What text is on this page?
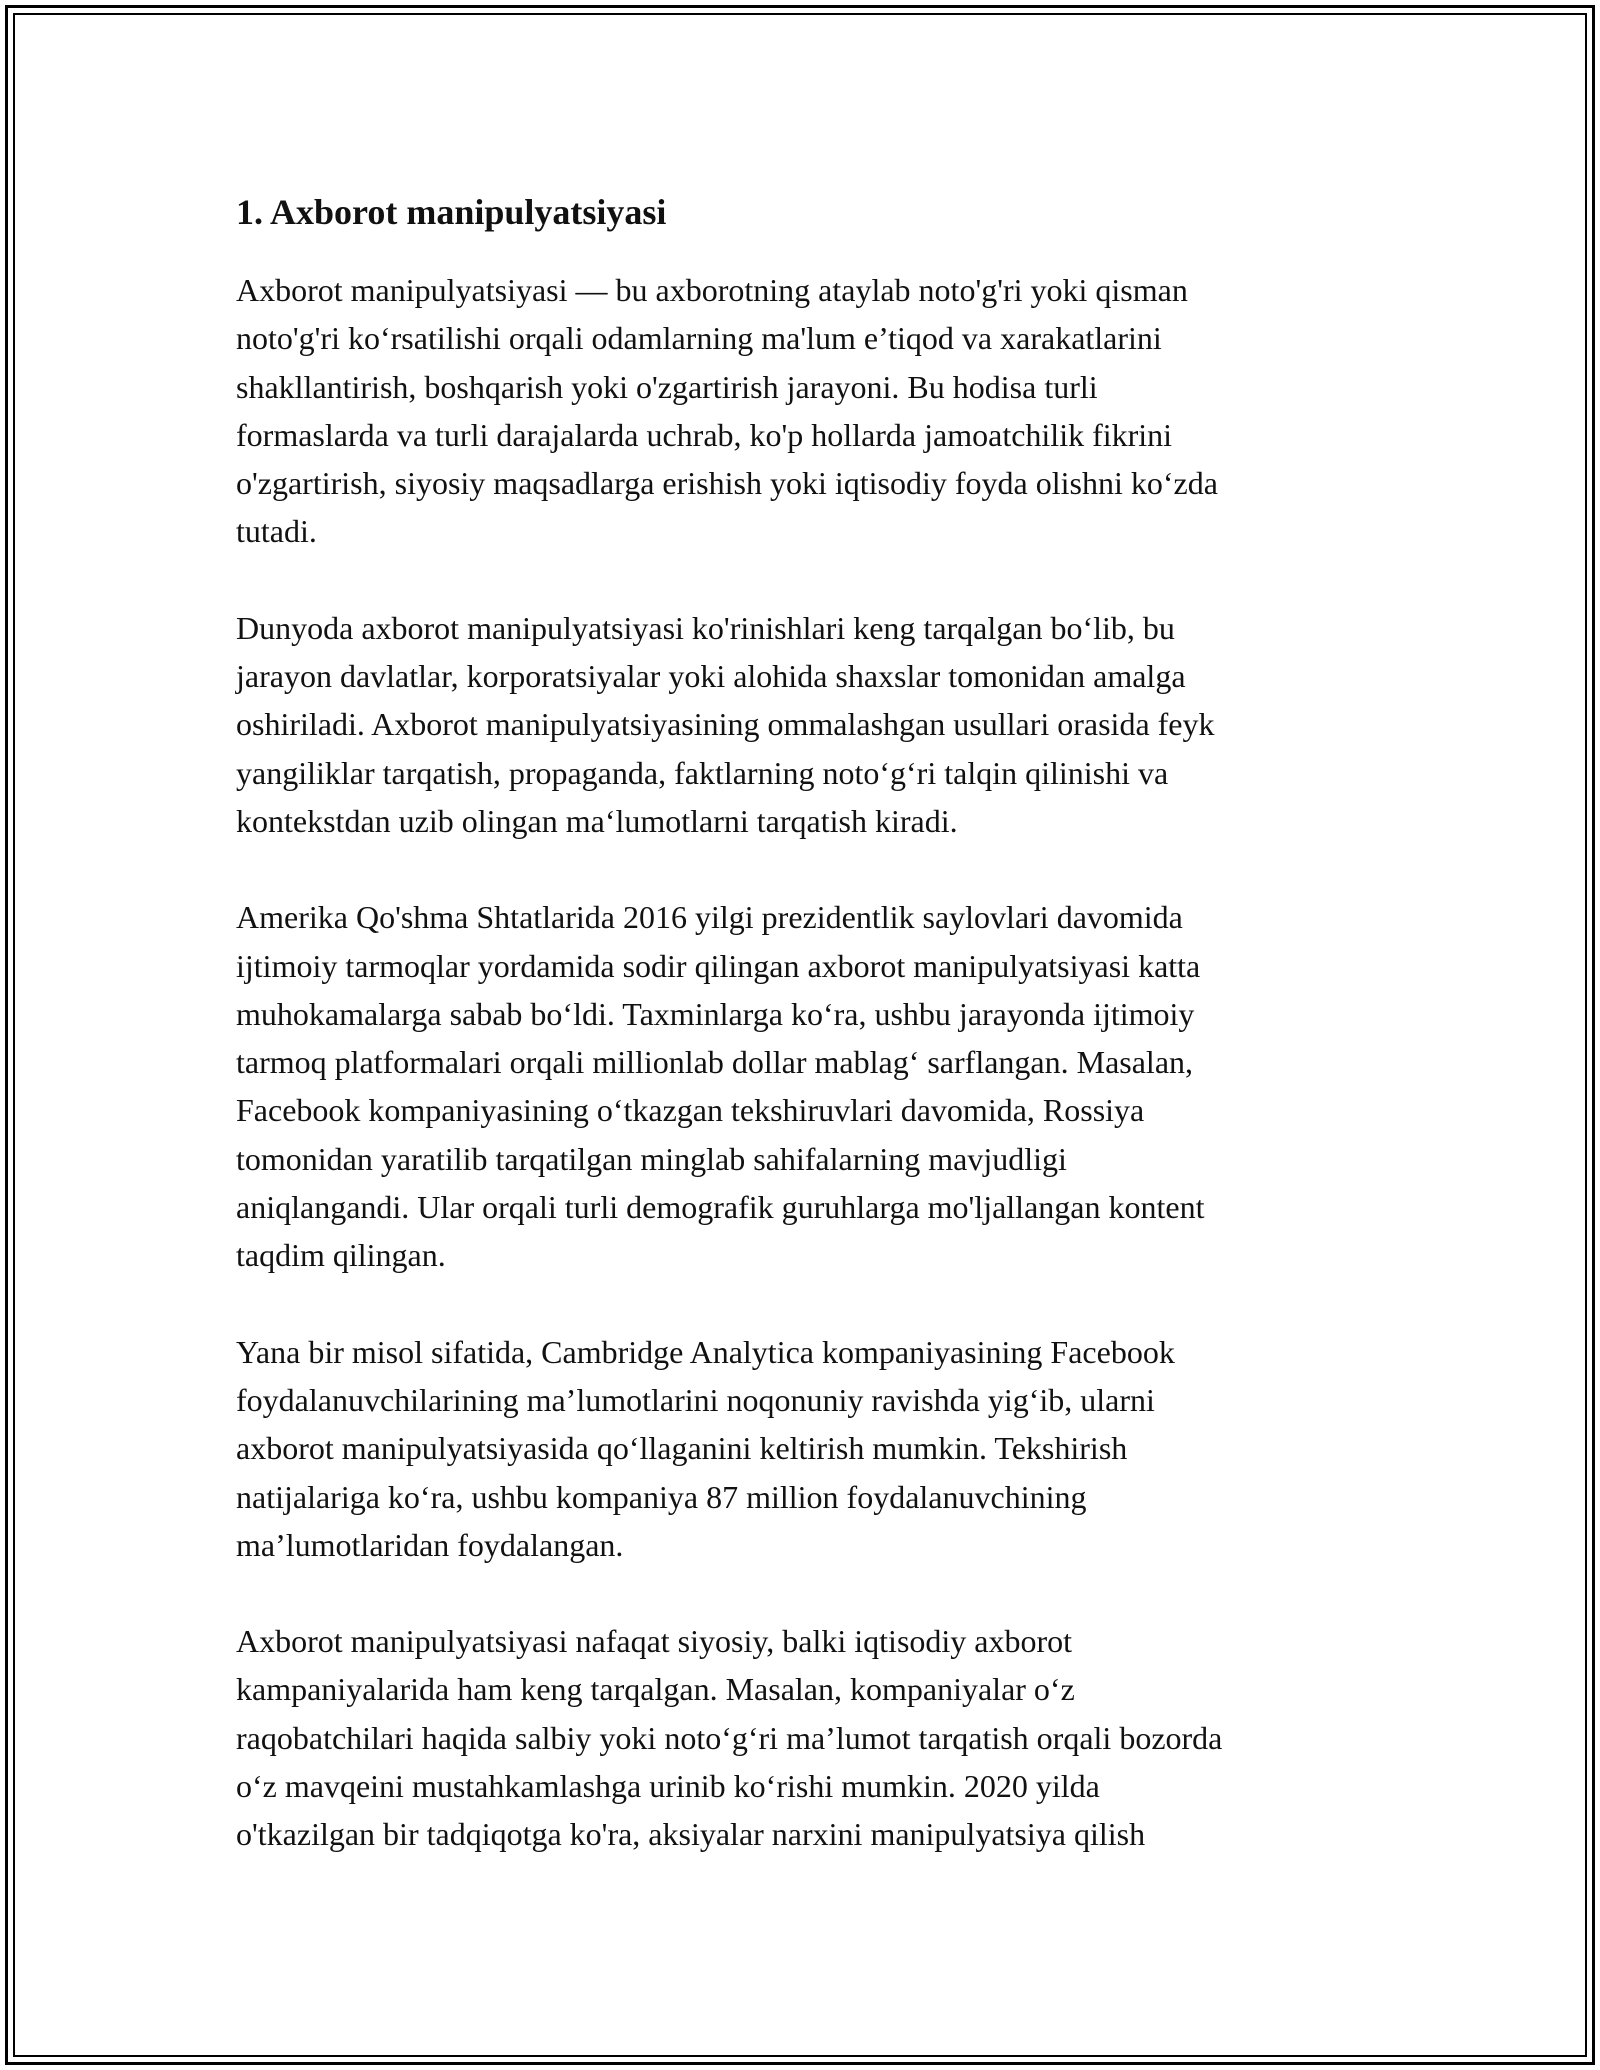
1. Axborot manipulyatsiyasi

Axborot manipulyatsiyasi — bu axborotning ataylab noto'g'ri yoki qisman
noto'g'ri ko‘rsatilishi orqali odamlarning ma'lum e’tiqod va xarakatlarini
shakllantirish, boshqarish yoki o'zgartirish jarayoni. Bu hodisa turli
formaslarda va turli darajalarda uchrab, ko'p hollarda jamoatchilik fikrini
o'zgartirish, siyosiy maqsadlarga erishish yoki iqtisodiy foyda olishni ko‘zda
tutadi.

Dunyoda axborot manipulyatsiyasi ko'rinishlari keng tarqalgan bo‘lib, bu
jarayon davlatlar, korporatsiyalar yoki alohida shaxslar tomonidan amalga
oshiriladi. Axborot manipulyatsiyasining ommalashgan usullari orasida feyk
yangiliklar tarqatish, propaganda, faktlarning noto‘g‘ri talqin qilinishi va
kontekstdan uzib olingan ma‘lumotlarni tarqatish kiradi.

Amerika Qo'shma Shtatlarida 2016 yilgi prezidentlik saylovlari davomida
ijtimoiy tarmoqlar yordamida sodir qilingan axborot manipulyatsiyasi katta
muhokamalarga sabab bo‘ldi. Taxminlarga ko‘ra, ushbu jarayonda ijtimoiy
tarmoq platformalari orqali millionlab dollar mablag‘ sarflangan. Masalan,
Facebook kompaniyasining o‘tkazgan tekshiruvlari davomida, Rossiya
tomonidan yaratilib tarqatilgan minglab sahifalarning mavjudligi
aniqlangandi. Ular orqali turli demografik guruhlarga mo'ljallangan kontent
taqdim qilingan.

Yana bir misol sifatida, Cambridge Analytica kompaniyasining Facebook
foydalanuvchilarining ma’lumotlarini noqonuniy ravishda yig‘ib, ularni
axborot manipulyatsiyasida qo‘llaganini keltirish mumkin. Tekshirish
natijalariga ko‘ra, ushbu kompaniya 87 million foydalanuvchining
ma’lumotlaridan foydalangan.

Axborot manipulyatsiyasi nafaqat siyosiy, balki iqtisodiy axborot
kampaniyalarida ham keng tarqalgan. Masalan, kompaniyalar o‘z
raqobatchilari haqida salbiy yoki noto‘g‘ri ma’lumot tarqatish orqali bozorda
o‘z mavqeini mustahkamlashga urinib ko‘rishi mumkin. 2020 yilda
o'tkazilgan bir tadqiqotga ko'ra, aksiyalar narxini manipulyatsiya qilish
